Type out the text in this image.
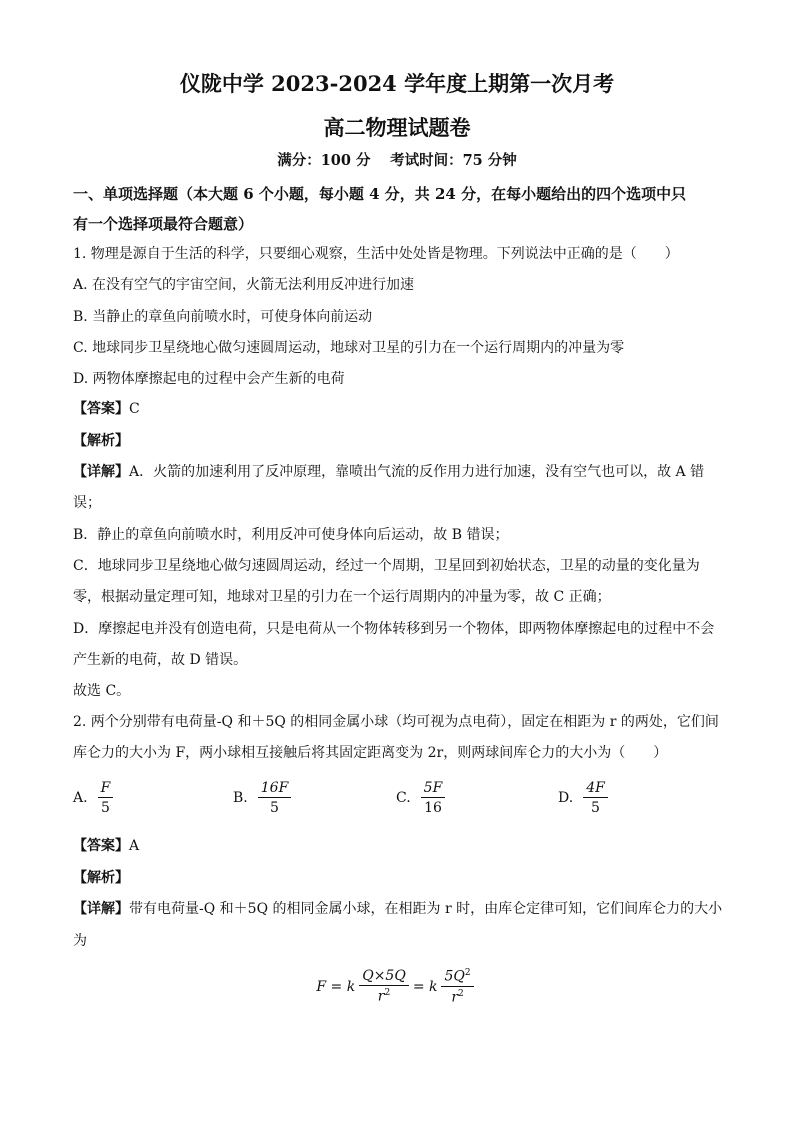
仪陇中学 2023-2024 学年度上期第一次月考
高二物理试题卷
满分：100 分　 考试时间：75 分钟
一、单项选择题（本大题 6 个小题，每小题 4 分，共 24 分，在每小题给出的四个选项中只
有一个选择项最符合题意）
1. 物理是源自于生活的科学，只要细心观察，生活中处处皆是物理。下列说法中正确的是（　　）
A. 在没有空气的宇宙空间，火箭无法利用反冲进行加速
B. 当静止的章鱼向前喷水时，可使身体向前运动
C. 地球同步卫星绕地心做匀速圆周运动，地球对卫星的引力在一个运行周期内的冲量为零
D. 两物体摩擦起电的过程中会产生新的电荷
【答案】C
【解析】
【详解】A．火箭的加速利用了反冲原理，靠喷出气流的反作用力进行加速，没有空气也可以，故 A 错
误；
B．静止的章鱼向前喷水时，利用反冲可使身体向后运动，故 B 错误；
C．地球同步卫星绕地心做匀速圆周运动，经过一个周期，卫星回到初始状态，卫星的动量的变化量为
零，根据动量定理可知，地球对卫星的引力在一个运行周期内的冲量为零，故 C 正确；
D．摩擦起电并没有创造电荷，只是电荷从一个物体转移到另一个物体，即两物体摩擦起电的过程中不会
产生新的电荷，故 D 错误。
故选 C。
2. 两个分别带有电荷量-Q 和＋5Q 的相同金属小球（均可视为点电荷），固定在相距为 r 的两处，它们间
库仑力的大小为 F，两小球相互接触后将其固定距离变为 2r，则两球间库仑力的大小为（　　）
A. $\frac{F}{5}$	B. $\frac{16F}{5}$	C. $\frac{5F}{16}$	D. $\frac{4F}{5}$
【答案】A
【解析】
【详解】带有电荷量-Q 和＋5Q 的相同金属小球，在相距为 r 时，由库仑定律可知，它们间库仑力的大小
为
F = k $\frac{Q\times 5Q}{r^2} = k \frac{5Q^2}{r^2}$
